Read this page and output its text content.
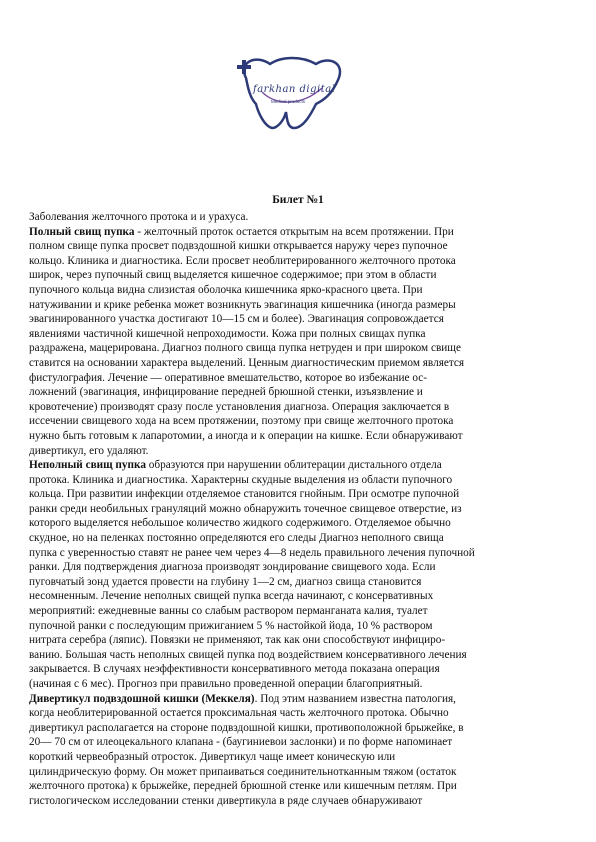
farkhan digital
Medical products
Билет №1
Заболевания желточного протока и и урахуса.
Полный свищ пупка - желточный проток остается открытым на всем протяжении. При
полном свище пупка просвет подвздошной кишки открывается наружу через пупочное
кольцо. Клиника и диагностика. Если просвет необлитерированного желточного протока
широк, через пупочный свищ выделяется кишечное содержимое; при этом в области
пупочного кольца видна слизистая оболочка кишечника ярко-красного цвета. При
натуживании и крике ребенка может возникнуть эвагинация кишечника (иногда размеры
эвагинированного участка достигают 10—15 см и более). Эвагинация сопровождается
явлениями частичной кишечной непроходимости. Кожа при полных свищах пупка
раздражена, мацерирована. Диагноз полного свища пупка нетруден и при широком свище
ставится на основании характера выделений. Ценным диагностическим приемом является
фистулография. Лечение — оперативное вмешательство, которое во избежание ос-
ложнений (эвагинация, инфицирование передней брюшной стенки, изъязвление и
кровотечение) производят сразу после установления диагноза. Операция заключается в
иссечении свищевого хода на всем протяжении, поэтому при свище желточного протока
нужно быть готовым к лапаротомии, а иногда и к операции на кишке. Если обнаруживают
дивертикул, его удаляют.
Неполный свищ пупка образуются при нарушении облитерации дистального отдела
протока. Клиника и диагностика. Характерны скудные выделения из области пупочного
кольца. При развитии инфекции отделяемое становится гнойным. При осмотре пупочной
ранки среди необильных грануляций можно обнаружить точечное свищевое отверстие, из
которого выделяется небольшое количество жидкого содержимого. Отделяемое обычно
скудное, но на пеленках постоянно определяются его следы Диагноз неполного свища
пупка с уверенностью ставят не ранее чем через 4—8 недель правильного лечения пупочной
ранки. Для подтверждения диагноза производят зондирование свищевого хода. Если
пуговчатый зонд удается провести на глубину 1—2 см, диагноз свища становится
несомненным. Лечение неполных свищей пупка всегда начинают, с консервативных
мероприятий: ежедневные ванны со слабым раствором перманганата калия, туалет
пупочной ранки с последующим прижиганием 5 % настойкой йода, 10 % раствором
нитрата серебра (ляпис). Повязки не применяют, так как они способствуют инфициро-
ванию. Большая часть неполных свищей пупка под воздействием консервативного лечения
закрывается. В случаях неэффективности консервативного метода показана операция
(начиная с 6 мес). Прогноз при правильно проведенной операции благоприятный.
Дивертикул подвздошной кишки (Меккеля). Под этим названием известна патология,
когда необлитерированной остается проксимальная часть желточного протока. Обычно
дивертикул располагается на стороне подвздошной кишки, противоположной брыжейке, в
20— 70 см от илеоцекального клапана - (баугиниевои заслонки) и по форме напоминает
короткий червеобразный отросток. Дивертикул чаще имеет коническую или
цилиндрическую форму. Он может припаиваться соединительнотканным тяжом (остаток
желточного протока) к брыжейке, передней брюшной стенке или кишечным петлям. При
гистологическом исследовании стенки дивертикула в ряде случаев обнаруживают
